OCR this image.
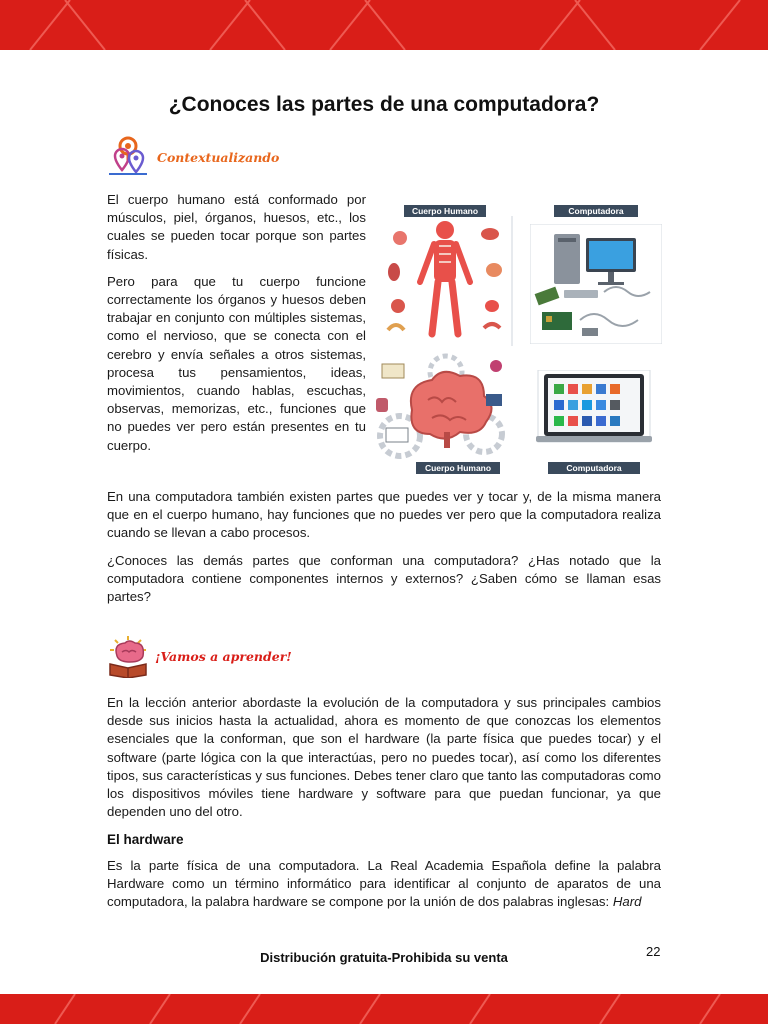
¿Conoces las partes de una computadora?
Contextualizando

El cuerpo humano está conformado por músculos, piel, órganos, huesos, etc., los cuales se pueden tocar porque son partes físicas.

Pero para que tu cuerpo funcione correctamente los órganos y huesos deben trabajar en conjunto con múltiples sistemas, como el nervioso, que se conecta con el cerebro y envía señales a otros sistemas, procesa tus pensamientos, ideas, movimientos, cuando hablas, escuchas, observas, memorizas, etc., funciones que no puedes ver pero están presentes en tu cuerpo.

Cuerpo Humano	Computadora
Cuerpo Humano	Computadora

En una computadora también existen partes que puedes ver y tocar y, de la misma manera que en el cuerpo humano, hay funciones que no puedes ver pero que la computadora realiza cuando se llevan a cabo procesos.

¿Conoces las demás partes que conforman una computadora? ¿Has notado que la computadora contiene componentes internos y externos? ¿Saben cómo se llaman esas partes?

¡Vamos a aprender!

En la lección anterior abordaste la evolución de la computadora y sus principales cambios desde sus inicios hasta la actualidad, ahora es momento de que conozcas los elementos esenciales que la conforman, que son el hardware (la parte física que puedes tocar) y el software (parte lógica con la que interactúas, pero no puedes tocar), así como los diferentes tipos, sus características y sus funciones. Debes tener claro que tanto las computadoras como los dispositivos móviles tiene hardware y software para que puedan funcionar, ya que dependen uno del otro.

El hardware

Es la parte física de una computadora. La Real Academia Española define la palabra Hardware como un término informático para identificar al conjunto de aparatos de una computadora, la palabra hardware se compone por la unión de dos palabras inglesas: Hard

Distribución gratuita-Prohibida su venta	22
